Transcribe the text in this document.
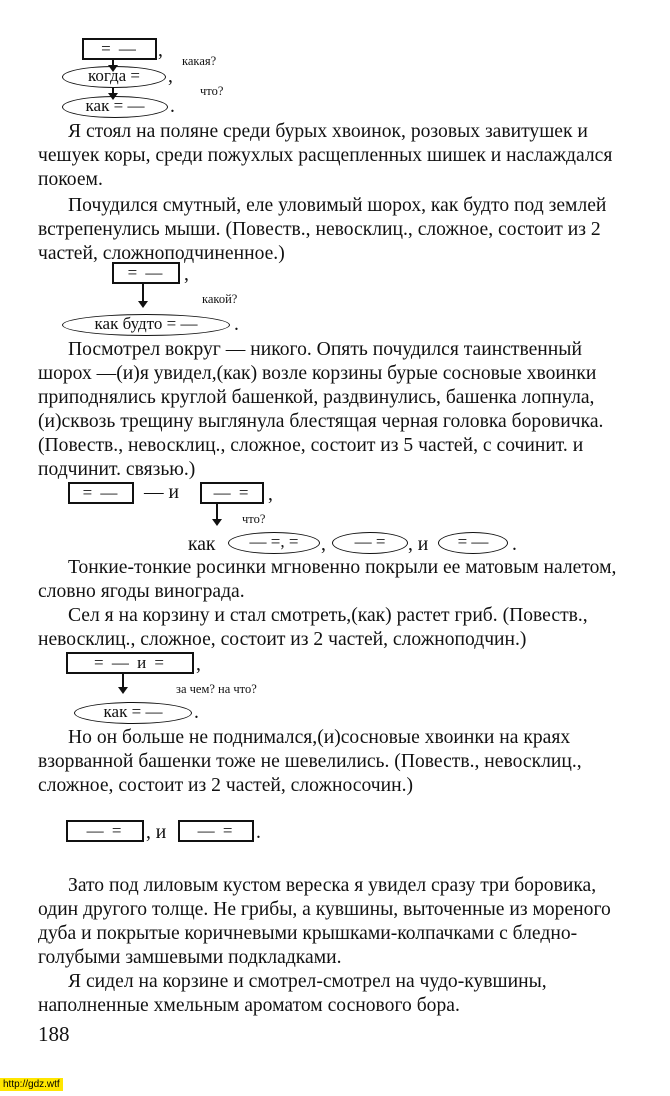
= —	, какая?
когда =	,
что?
как = —	.
Я стоял на поляне среди бурых хвоинок, розовых завитушек и чешуек коры, среди пожухлых расщепленных шишек и наслаждался покоем.
Почудился смутный, еле уловимый шорох, как будто под землей встрепенулись мыши. (Повеств., невосклиц., сложное, состоит из 2 частей, сложноподчиненное.)
= — ,
какой?
как будто = —	.
Посмотрел вокруг — никого. Опять почудился таинственный шорох —(и)я увидел,(как) возле корзины бурые сосновые хвоинки приподнялись круглой башенкой, раздвинулись, башенка лопнула,(и)сквозь трещину выглянула блестящая черная головка боровичка. (Повеств., невосклиц., сложное, состоит из 5 частей, с сочинит. и подчинит. связью.)
= —	— и	— = ,
что?
как	— =, =	,	— =	, и	= —	.
Тонкие-тонкие росинки мгновенно покрыли ее матовым налетом, словно ягоды винограда.
Сел я на корзину и стал смотреть,(как) растет гриб. (Повеств., невосклиц., сложное, состоит из 2 частей, сложноподчин.)
= — и =	,
за чем? на что?
как = —	.
Но он больше не поднимался,(и)сосновые хвоинки на краях взорванной башенки тоже не шевелились. (Повеств., невосклиц., сложное, состоит из 2 частей, сложносочин.)
— =	, и	— =	.
Зато под лиловым кустом вереска я увидел сразу три боровика, один другого толще. Не грибы, а кувшины, выточенные из мореного дуба и покрытые коричневыми крышками-колпачками с бледно-голубыми замшевыми подкладками.
Я сидел на корзине и смотрел-смотрел на чудо-кувшины, наполненные хмельным ароматом соснового бора.
188
http://gdz.wtf
